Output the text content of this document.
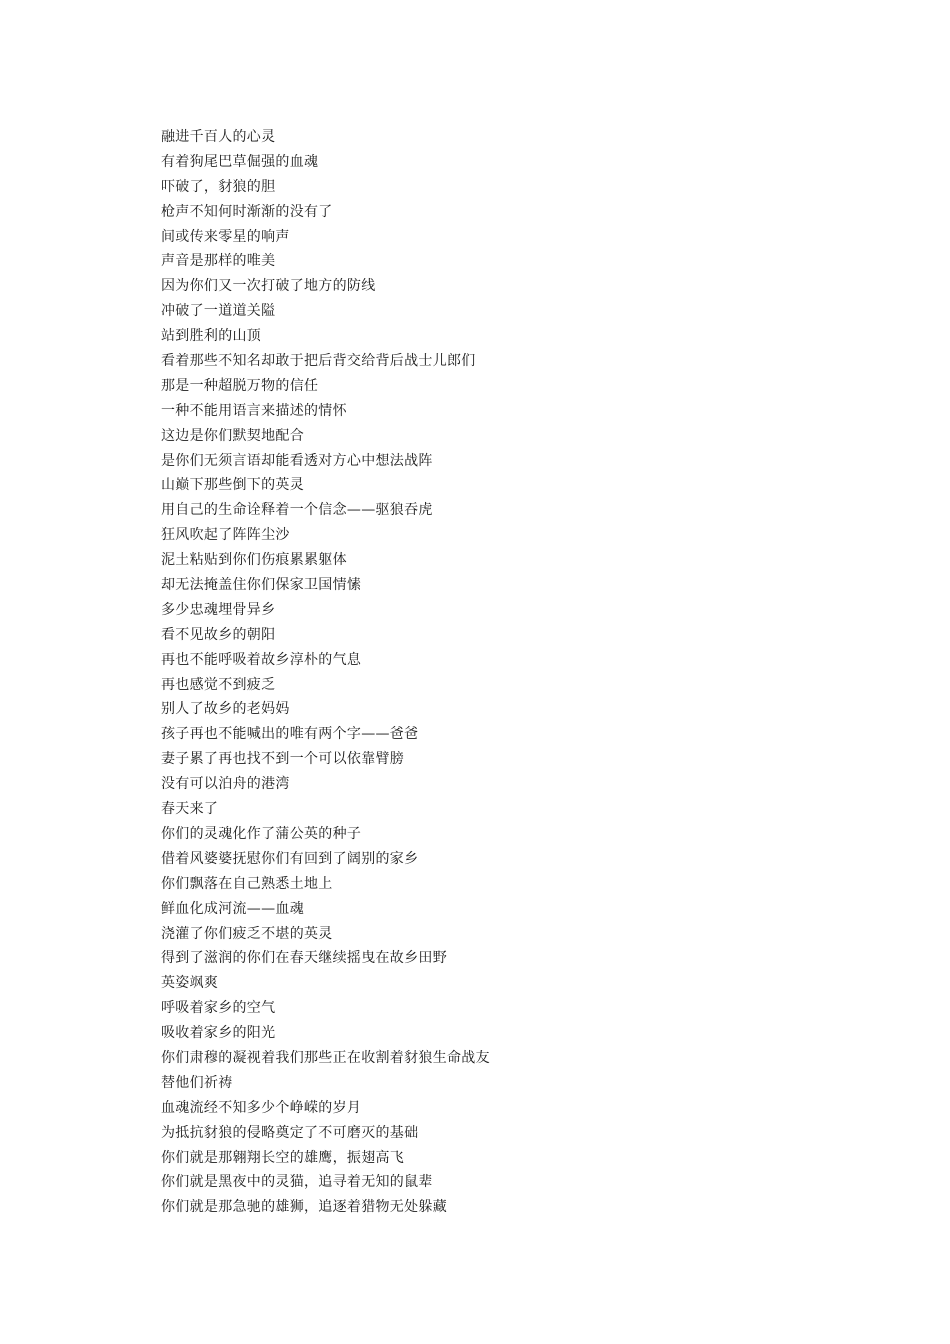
融进千百人的心灵
有着狗尾巴草倔强的血魂
吓破了，豺狼的胆
枪声不知何时渐渐的没有了
间或传来零星的响声
声音是那样的唯美
因为你们又一次打破了地方的防线
冲破了一道道关隘
站到胜利的山顶
看着那些不知名却敢于把后背交给背后战士儿郎们
那是一种超脱万物的信任
一种不能用语言来描述的情怀
这边是你们默契地配合
是你们无须言语却能看透对方心中想法战阵
山巅下那些倒下的英灵
用自己的生命诠释着一个信念——驱狼吞虎
狂风吹起了阵阵尘沙
泥土粘贴到你们伤痕累累躯体
却无法掩盖住你们保家卫国情愫
多少忠魂埋骨异乡
看不见故乡的朝阳
再也不能呼吸着故乡淳朴的气息
再也感觉不到疲乏
别人了故乡的老妈妈
孩子再也不能喊出的唯有两个字——爸爸
妻子累了再也找不到一个可以依靠臂膀
没有可以泊舟的港湾
春天来了
你们的灵魂化作了蒲公英的种子
借着风婆婆抚慰你们有回到了阔别的家乡
你们飘落在自己熟悉土地上
鲜血化成河流——血魂
浇灌了你们疲乏不堪的英灵
得到了滋润的你们在春天继续摇曳在故乡田野
英姿飒爽
呼吸着家乡的空气
吸收着家乡的阳光
你们肃穆的凝视着我们那些正在收割着豺狼生命战友
替他们祈祷
血魂流经不知多少个峥嵘的岁月
为抵抗豺狼的侵略奠定了不可磨灭的基础
你们就是那翱翔长空的雄鹰，振翅高飞
你们就是黑夜中的灵猫，追寻着无知的鼠辈
你们就是那急驰的雄狮，追逐着猎物无处躲藏
